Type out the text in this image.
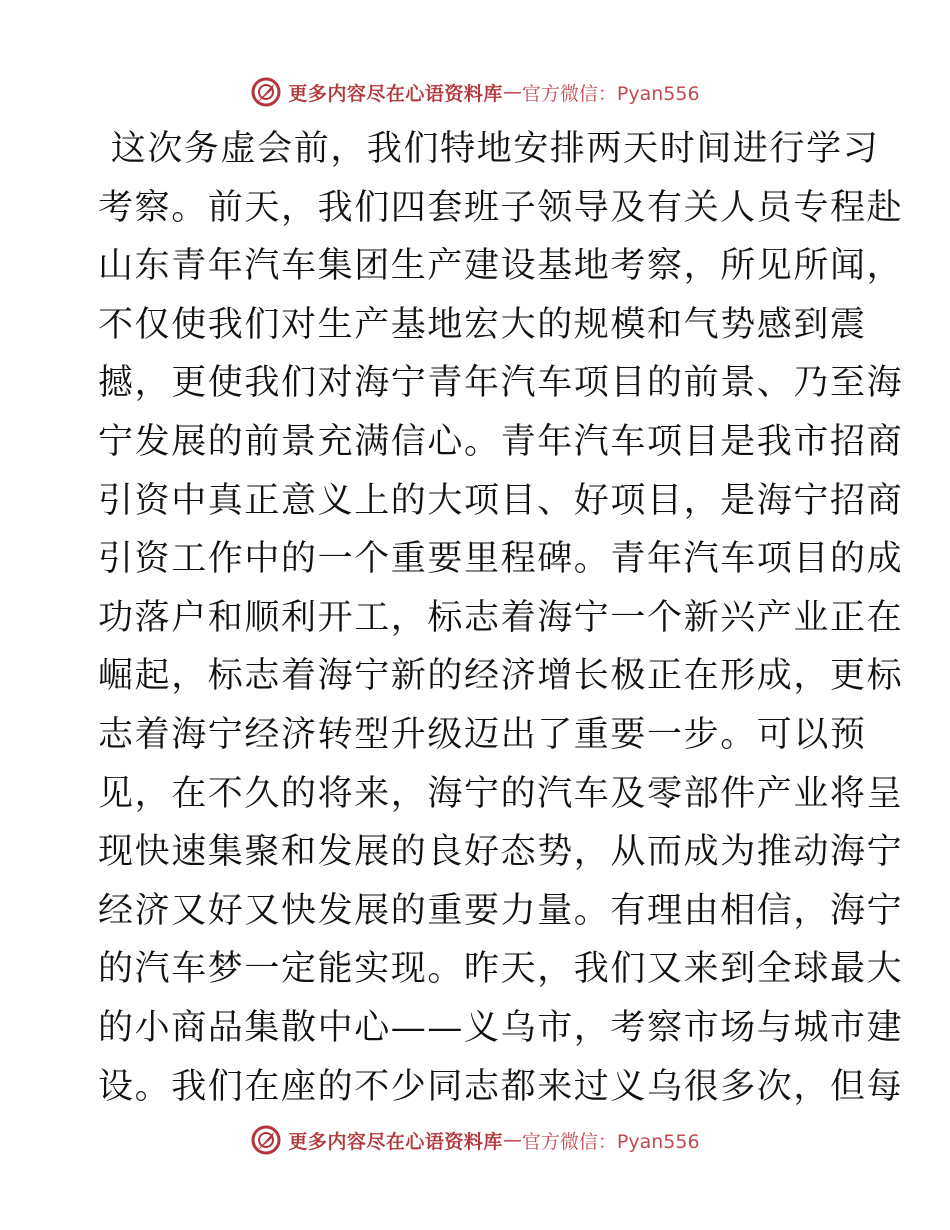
更多内容尽在心语资料库 — 官方微信：Pyan556
这次务虚会前，我们特地安排两天时间进行学习
考察。前天，我们四套班子领导及有关人员专程赴
山东青年汽车集团生产建设基地考察，所见所闻，
不仅使我们对生产基地宏大的规模和气势感到震
撼，更使我们对海宁青年汽车项目的前景、乃至海
宁发展的前景充满信心。青年汽车项目是我市招商
引资中真正意义上的大项目、好项目，是海宁招商
引资工作中的一个重要里程碑。青年汽车项目的成
功落户和顺利开工，标志着海宁一个新兴产业正在
崛起，标志着海宁新的经济增长极正在形成，更标
志着海宁经济转型升级迈出了重要一步。可以预
见，在不久的将来，海宁的汽车及零部件产业将呈
现快速集聚和发展的良好态势，从而成为推动海宁
经济又好又快发展的重要力量。有理由相信，海宁
的汽车梦一定能实现。昨天，我们又来到全球最大
的小商品集散中心——义乌市，考察市场与城市建
设。我们在座的不少同志都来过义乌很多次，但每
更多内容尽在心语资料库 — 官方微信：Pyan556
